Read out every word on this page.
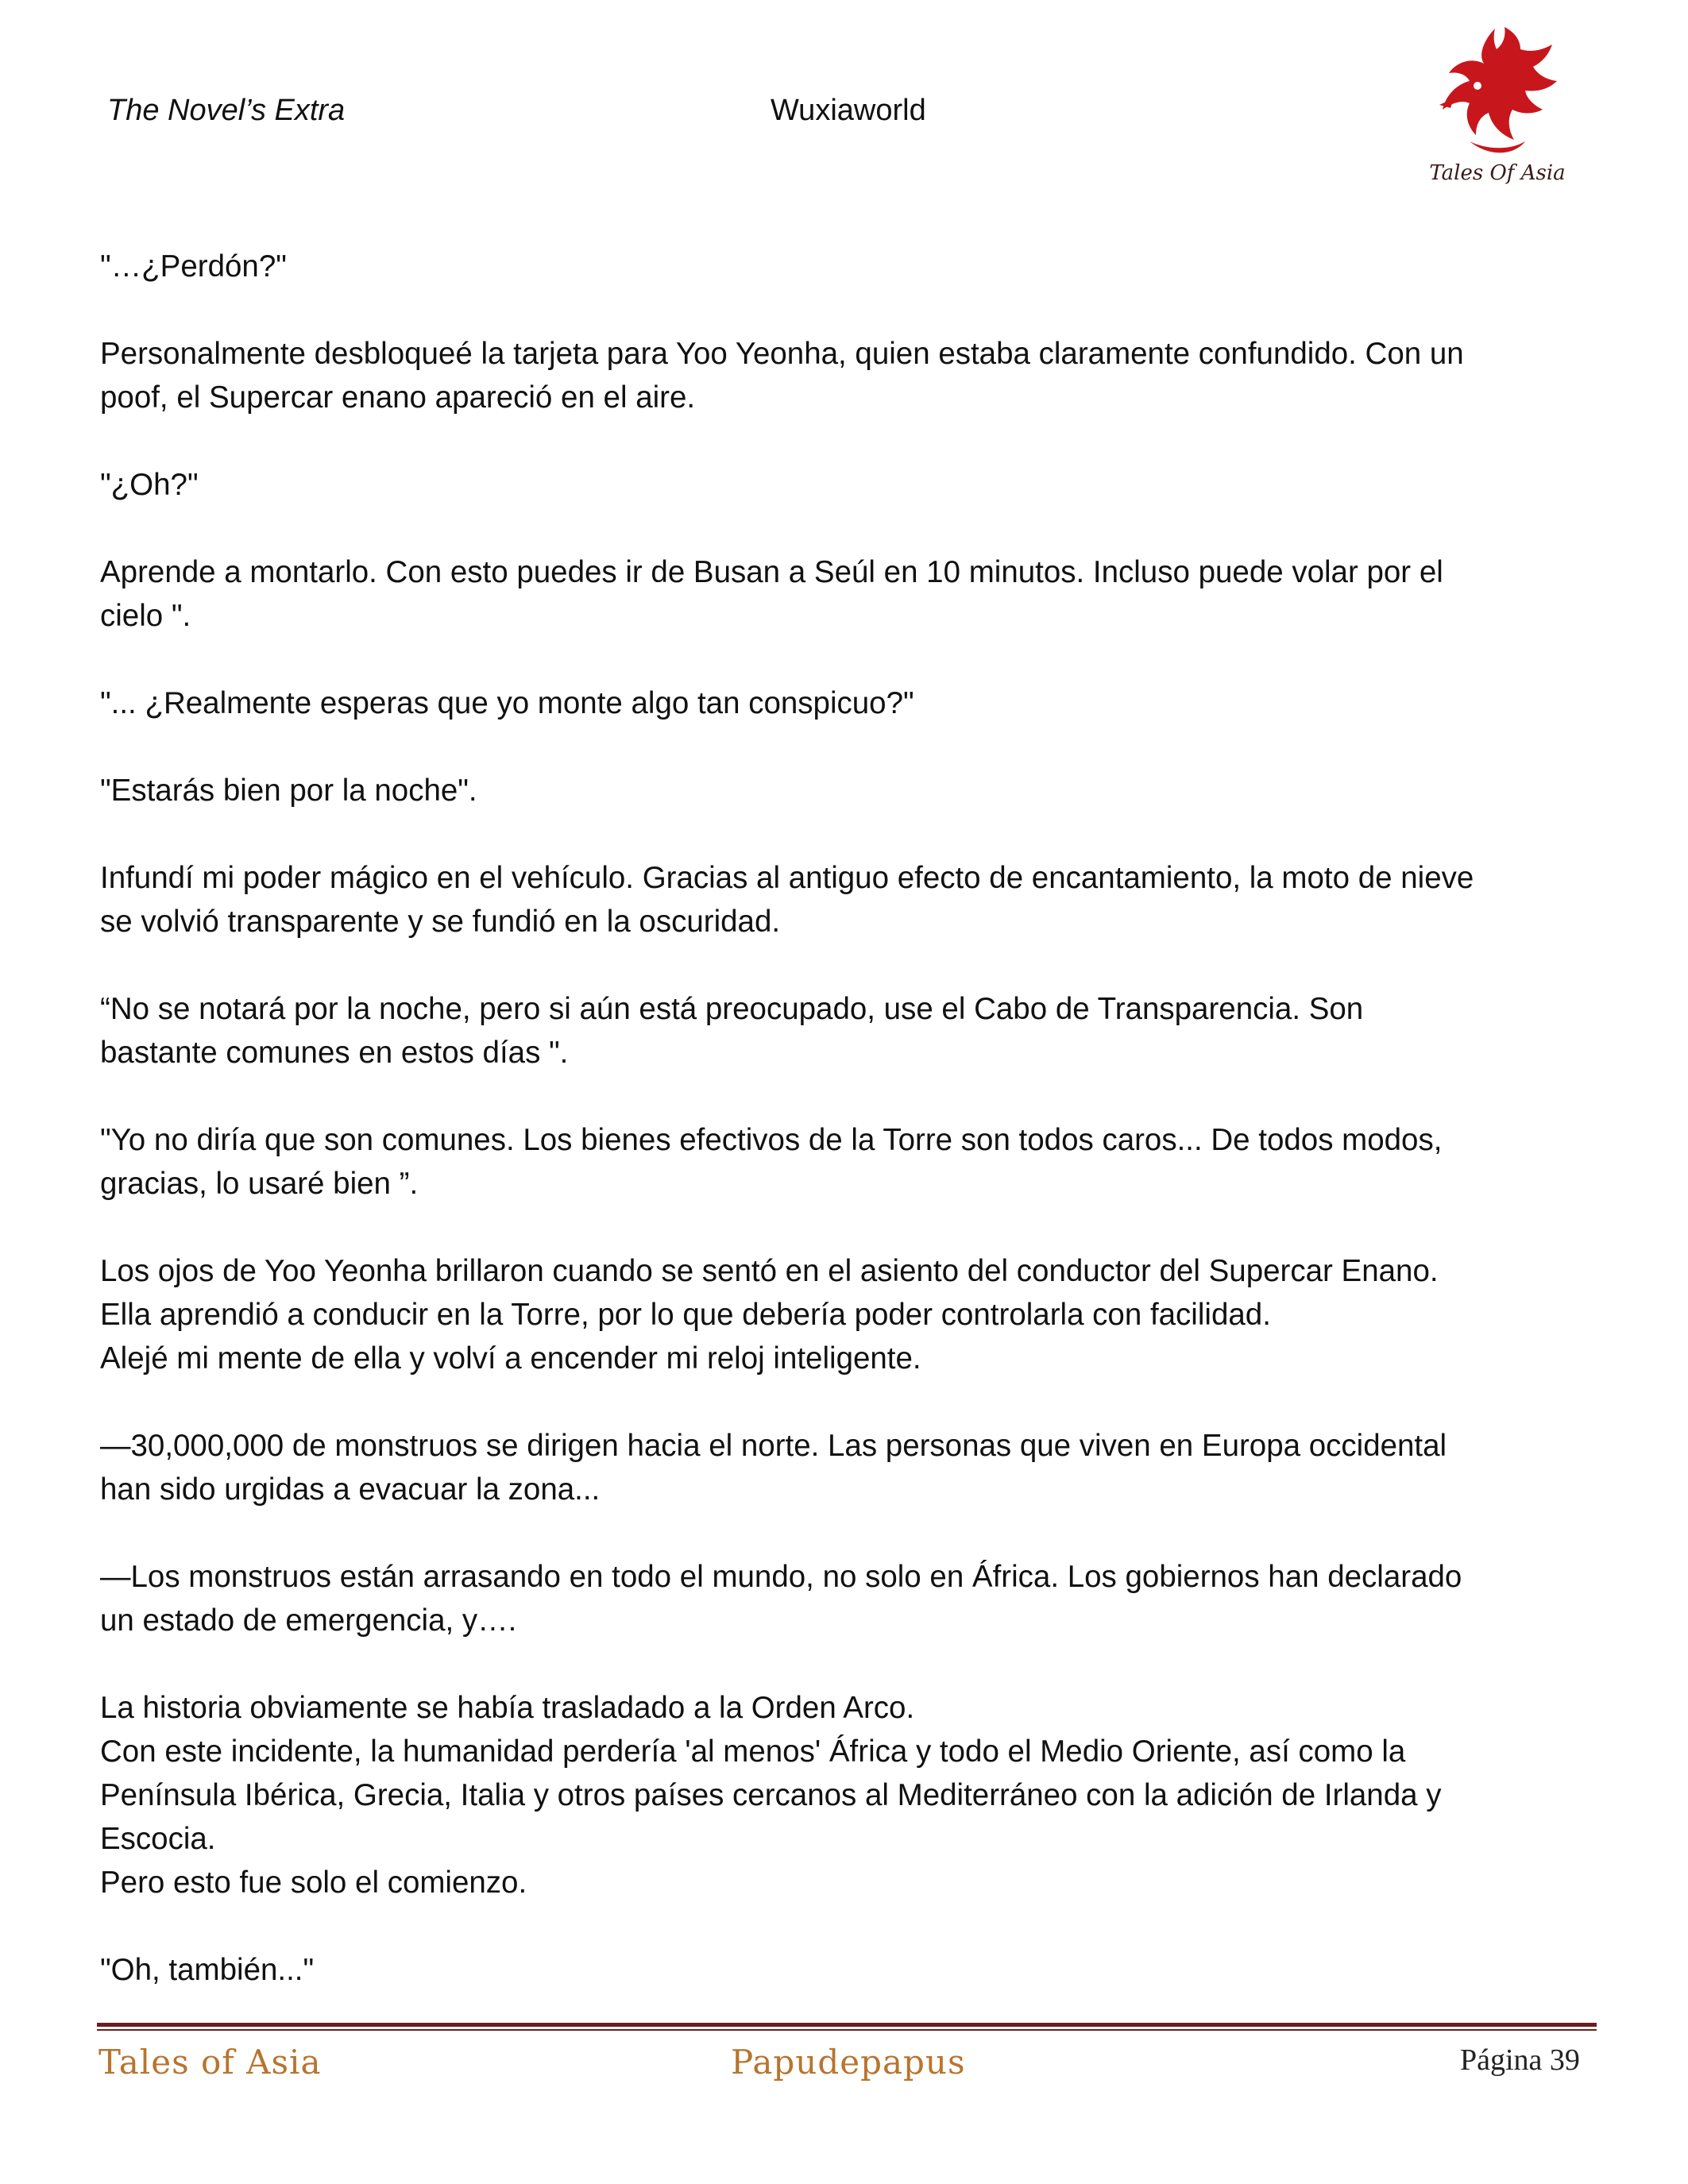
The Novel’s Extra	Wuxiaworld
Tales Of Asia

"…¿Perdón?"

Personalmente desbloqueé la tarjeta para Yoo Yeonha, quien estaba claramente confundido. Con un

poof, el Supercar enano apareció en el aire.

"¿Oh?"

Aprende a montarlo. Con esto puedes ir de Busan a Seúl en 10 minutos. Incluso puede volar por el

cielo ".

"... ¿Realmente esperas que yo monte algo tan conspicuo?"

"Estarás bien por la noche".

Infundí mi poder mágico en el vehículo. Gracias al antiguo efecto de encantamiento, la moto de nieve

se volvió transparente y se fundió en la oscuridad.

“No se notará por la noche, pero si aún está preocupado, use el Cabo de Transparencia. Son

bastante comunes en estos días ".

"Yo no diría que son comunes. Los bienes efectivos de la Torre son todos caros... De todos modos,

gracias, lo usaré bien ”.

Los ojos de Yoo Yeonha brillaron cuando se sentó en el asiento del conductor del Supercar Enano.

Ella aprendió a conducir en la Torre, por lo que debería poder controlarla con facilidad.

Alejé mi mente de ella y volví a encender mi reloj inteligente.

—30,000,000 de monstruos se dirigen hacia el norte. Las personas que viven en Europa occidental

han sido urgidas a evacuar la zona...

—Los monstruos están arrasando en todo el mundo, no solo en África. Los gobiernos han declarado

un estado de emergencia, y….

La historia obviamente se había trasladado a la Orden Arco.

Con este incidente, la humanidad perdería 'al menos' África y todo el Medio Oriente, así como la

Península Ibérica, Grecia, Italia y otros países cercanos al Mediterráneo con la adición de Irlanda y

Escocia.

Pero esto fue solo el comienzo.

"Oh, también..."

Tales of Asia	Papudepapus	Página 39
